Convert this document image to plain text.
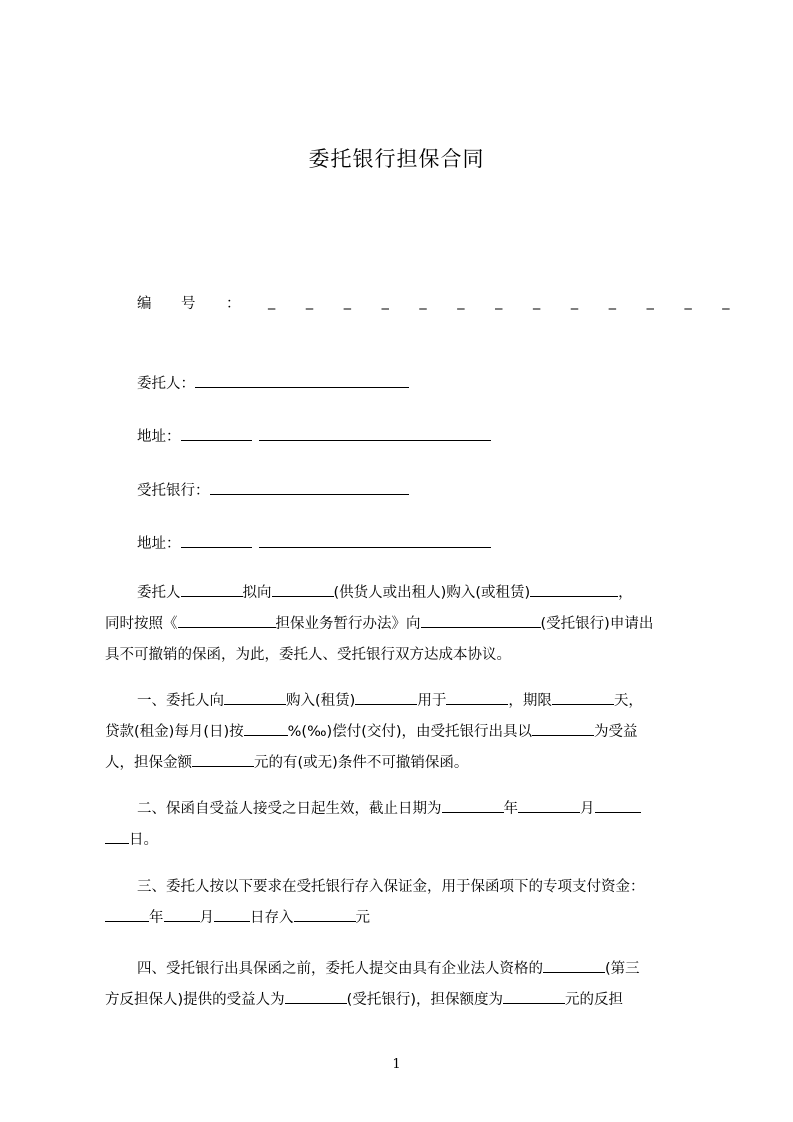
委托银行担保合同
编 号 ： _ _ _ _ _ _ _ _ _ _ _ _ _
委托人：
地址：
受托银行：
地址：
委托人	拟向	(供货人或出租人)购入(或租赁)	，
同时按照《	担保业务暂行办法》向	(受托银行)申请出
具不可撤销的保函，为此，委托人、受托银行双方达成本协议。
一、委托人向	购入(租赁)	用于	，期限	天，
贷款(租金)每月(日)按	%(‰)偿付(交付)，由受托银行出具以	为受益
人，担保金额	元的有(或无)条件不可撤销保函。
二、保函自受益人接受之日起生效，截止日期为	年	月
日。
三、委托人按以下要求在受托银行存入保证金，用于保函项下的专项支付资金：
年 月 日存入	元
四、受托银行出具保函之前，委托人提交由具有企业法人资格的	(第三
方反担保人)提供的受益人为	(受托银行)，担保额度为	元的反担
1
